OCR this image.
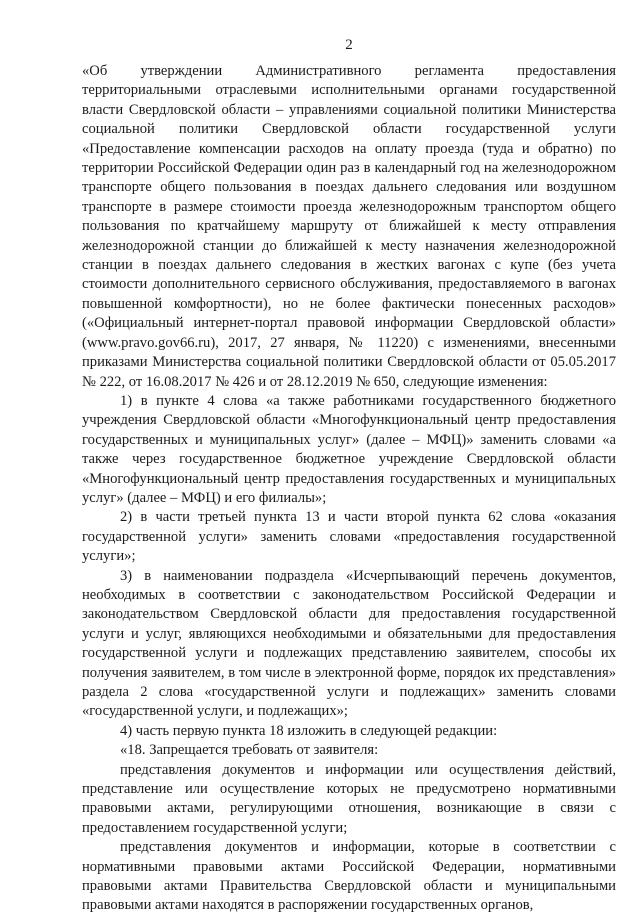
2

«Об утверждении Административного регламента предоставления территориальными отраслевыми исполнительными органами государственной власти Свердловской области – управлениями социальной политики Министерства социальной политики Свердловской области государственной услуги «Предоставление компенсации расходов на оплату проезда (туда и обратно) по территории Российской Федерации один раз в календарный год на железнодорожном транспорте общего пользования в поездах дальнего следования или воздушном транспорте в размере стоимости проезда железнодорожным транспортом общего пользования по кратчайшему маршруту от ближайшей к месту отправления железнодорожной станции до ближайшей к месту назначения железнодорожной станции в поездах дальнего следования в жестких вагонах с купе (без учета стоимости дополнительного сервисного обслуживания, предоставляемого в вагонах повышенной комфортности), но не более фактически понесенных расходов» («Официальный интернет-портал правовой информации Свердловской области» (www.pravo.gov66.ru), 2017, 27 января, № 11220) с изменениями, внесенными приказами Министерства социальной политики Свердловской области от 05.05.2017 № 222, от 16.08.2017 № 426 и от 28.12.2019 № 650, следующие изменения:

1) в пункте 4 слова «а также работниками государственного бюджетного учреждения Свердловской области «Многофункциональный центр предоставления государственных и муниципальных услуг» (далее – МФЦ)» заменить словами «а также через государственное бюджетное учреждение Свердловской области «Многофункциональный центр предоставления государственных и муниципальных услуг» (далее – МФЦ) и его филиалы»;

2) в части третьей пункта 13 и части второй пункта 62 слова «оказания государственной услуги» заменить словами «предоставления государственной услуги»;

3) в наименовании подраздела «Исчерпывающий перечень документов, необходимых в соответствии с законодательством Российской Федерации и законодательством Свердловской области для предоставления государственной услуги и услуг, являющихся необходимыми и обязательными для предоставления государственной услуги и подлежащих представлению заявителем, способы их получения заявителем, в том числе в электронной форме, порядок их представления» раздела 2 слова «государственной услуги и подлежащих» заменить словами «государственной услуги, и подлежащих»;

4) часть первую пункта 18 изложить в следующей редакции:

«18. Запрещается требовать от заявителя:

представления документов и информации или осуществления действий, представление или осуществление которых не предусмотрено нормативными правовыми актами, регулирующими отношения, возникающие в связи с предоставлением государственной услуги;

представления документов и информации, которые в соответствии с нормативными правовыми актами Российской Федерации, нормативными правовыми актами Правительства Свердловской области и муниципальными правовыми актами находятся в распоряжении государственных органов,
